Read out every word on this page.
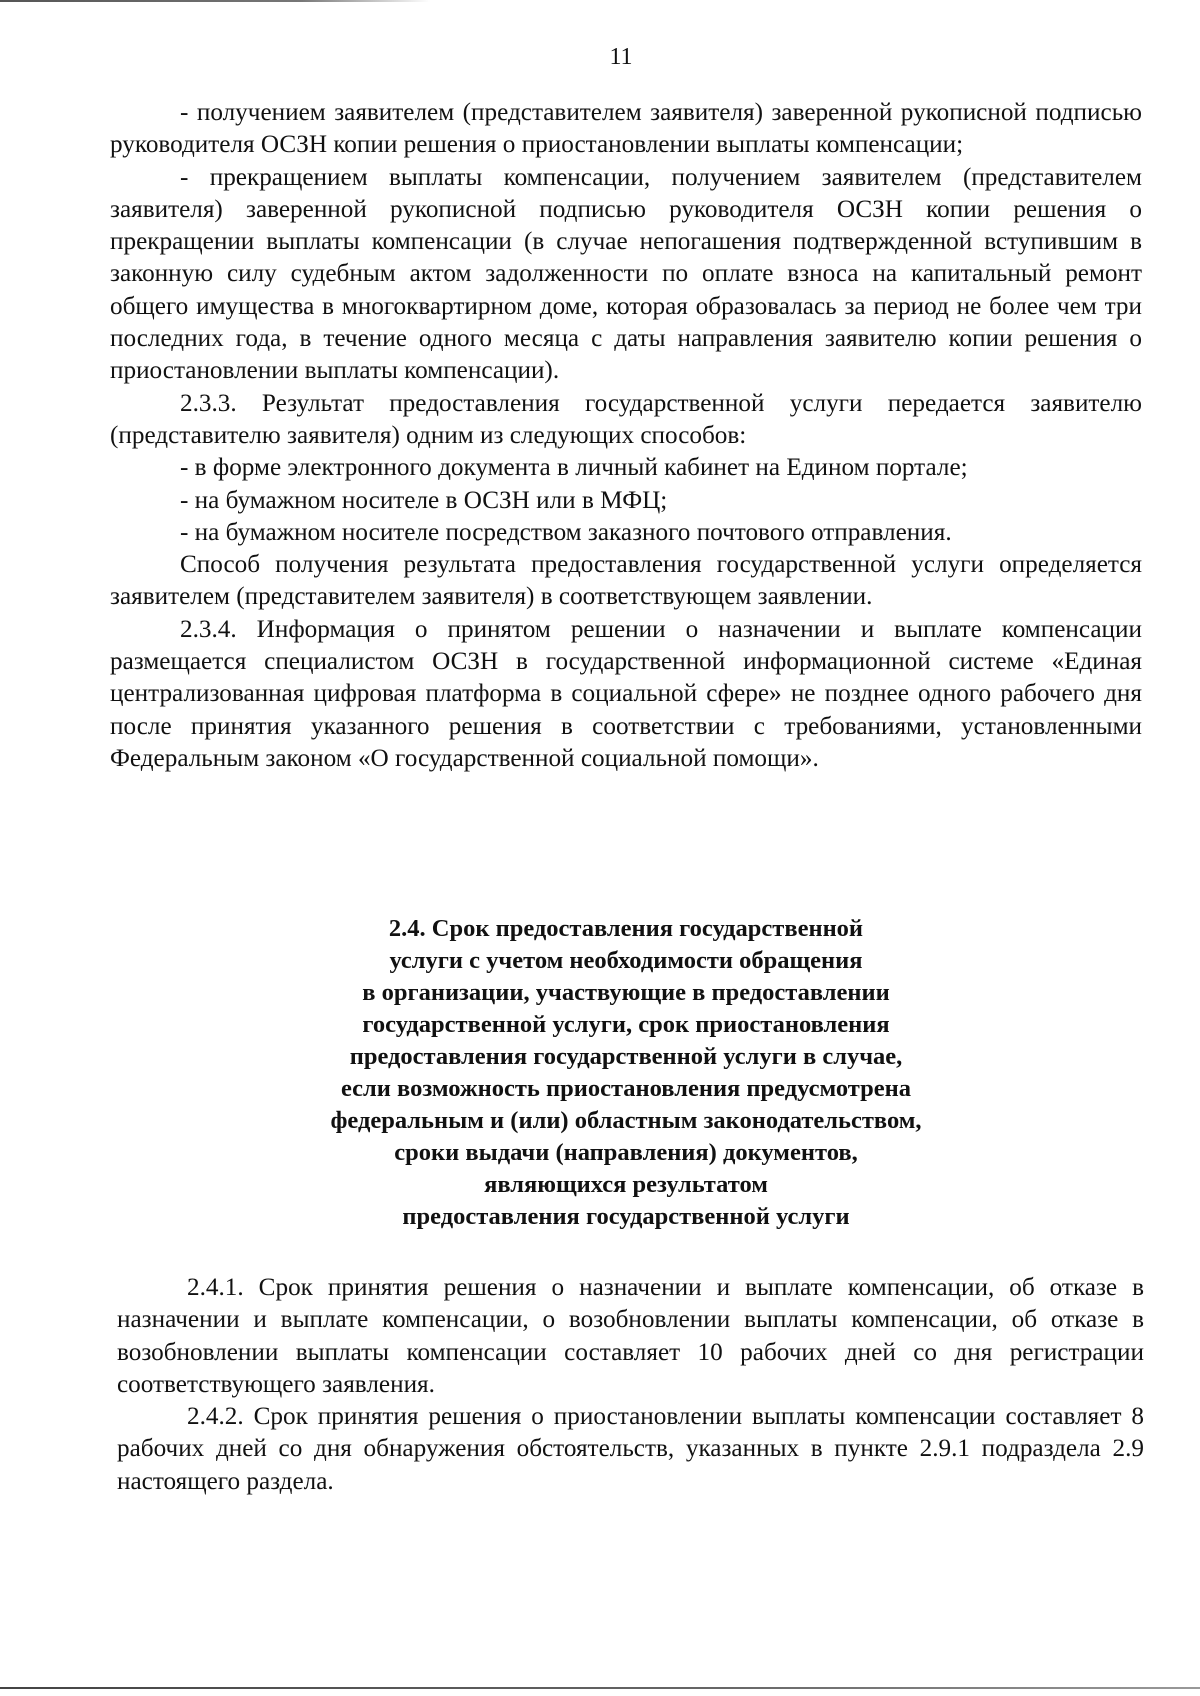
11

- получением заявителем (представителем заявителя) заверенной рукописной подписью руководителя ОСЗН копии решения о приостановлении выплаты компенсации;

- прекращением выплаты компенсации, получением заявителем (представителем заявителя) заверенной рукописной подписью руководителя ОСЗН копии решения о прекращении выплаты компенсации (в случае непогашения подтвержденной вступившим в законную силу судебным актом задолженности по оплате взноса на капитальный ремонт общего имущества в многоквартирном доме, которая образовалась за период не более чем три последних года, в течение одного месяца с даты направления заявителю копии решения о приостановлении выплаты компенсации).

2.3.3. Результат предоставления государственной услуги передается заявителю (представителю заявителя) одним из следующих способов:

- в форме электронного документа в личный кабинет на Едином портале;

- на бумажном носителе в ОСЗН или в МФЦ;

- на бумажном носителе посредством заказного почтового отправления.

Способ получения результата предоставления государственной услуги определяется заявителем (представителем заявителя) в соответствующем заявлении.

2.3.4. Информация о принятом решении о назначении и выплате компенсации размещается специалистом ОСЗН в государственной информационной системе «Единая централизованная цифровая платформа в социальной сфере» не позднее одного рабочего дня после принятия указанного решения в соответствии с требованиями, установленными Федеральным законом «О государственной социальной помощи».

2.4. Срок предоставления государственной
услуги с учетом необходимости обращения
в организации, участвующие в предоставлении
государственной услуги, срок приостановления
предоставления государственной услуги в случае,
если возможность приостановления предусмотрена
федеральным и (или) областным законодательством,
сроки выдачи (направления) документов,
являющихся результатом
предоставления государственной услуги

2.4.1. Срок принятия решения о назначении и выплате компенсации, об отказе в назначении и выплате компенсации, о возобновлении выплаты компенсации, об отказе в возобновлении выплаты компенсации составляет 10 рабочих дней со дня регистрации соответствующего заявления.

2.4.2. Срок принятия решения о приостановлении выплаты компенсации составляет 8 рабочих дней со дня обнаружения обстоятельств, указанных в пункте 2.9.1 подраздела 2.9 настоящего раздела.
